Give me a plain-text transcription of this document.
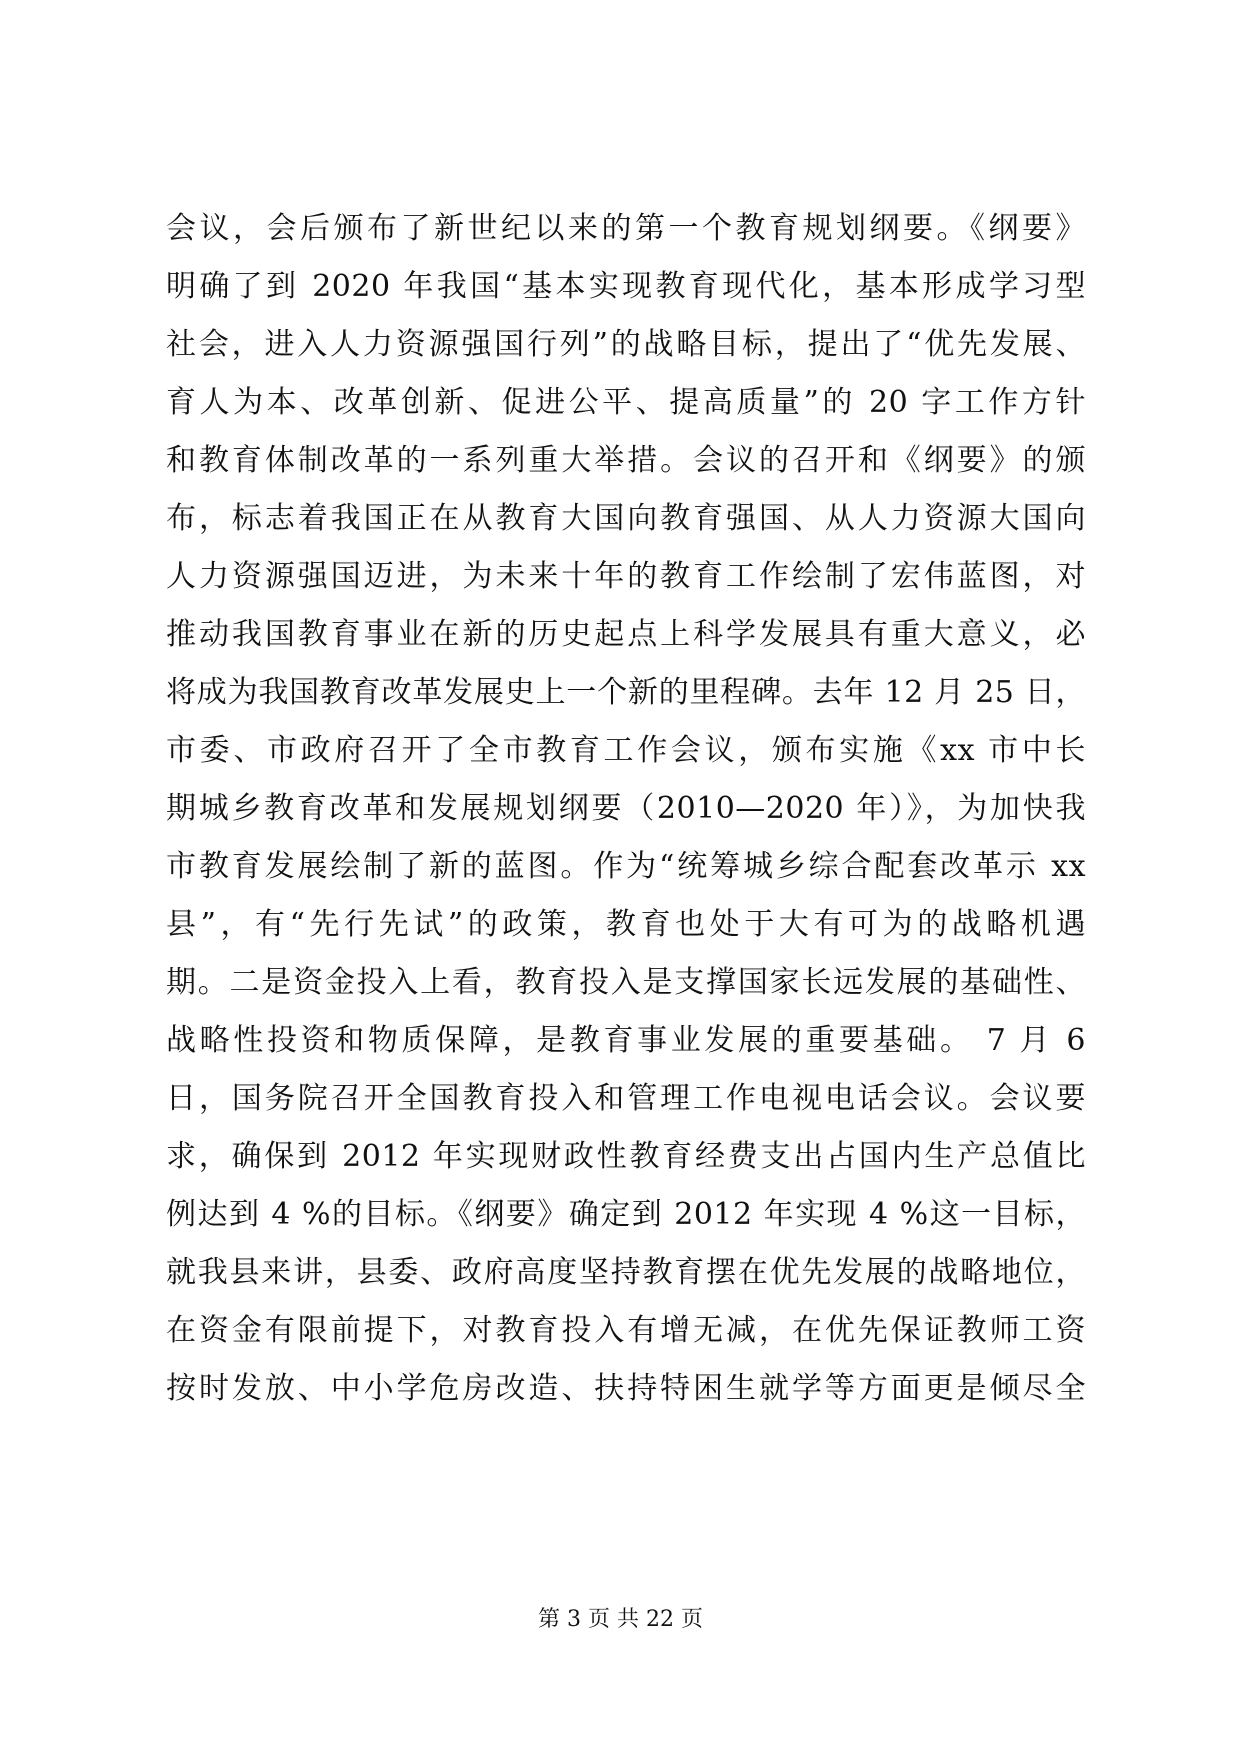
会议，会后颁布了新世纪以来的第一个教育规划纲要。《纲要》
明确了到 2020 年我国“基本实现教育现代化，基本形成学习型
社会，进入人力资源强国行列”的战略目标，提出了“优先发展、
育人为本、改革创新、促进公平、提高质量”的 20 字工作方针
和教育体制改革的一系列重大举措。会议的召开和《纲要》的颁
布，标志着我国正在从教育大国向教育强国、从人力资源大国向
人力资源强国迈进，为未来十年的教育工作绘制了宏伟蓝图，对
推动我国教育事业在新的历史起点上科学发展具有重大意义，必
将成为我国教育改革发展史上一个新的里程碑。去年 12 月 25 日，
市委、市政府召开了全市教育工作会议，颁布实施《xx 市中长
期城乡教育改革和发展规划纲要（2010—2020 年）》，为加快我
市教育发展绘制了新的蓝图。作为“统筹城乡综合配套改革示 xx
县”，有“先行先试”的政策，教育也处于大有可为的战略机遇
期。二是资金投入上看，教育投入是支撑国家长远发展的基础性、
战略性投资和物质保障，是教育事业发展的重要基础。 7 月 6
日，国务院召开全国教育投入和管理工作电视电话会议。会议要
求，确保到 2012 年实现财政性教育经费支出占国内生产总值比
例达到 4 %的目标。《纲要》确定到 2012 年实现 4 %这一目标，
就我县来讲，县委、政府高度坚持教育摆在优先发展的战略地位，
在资金有限前提下，对教育投入有增无减，在优先保证教师工资
按时发放、中小学危房改造、扶持特困生就学等方面更是倾尽全
第 3 页 共 22 页
